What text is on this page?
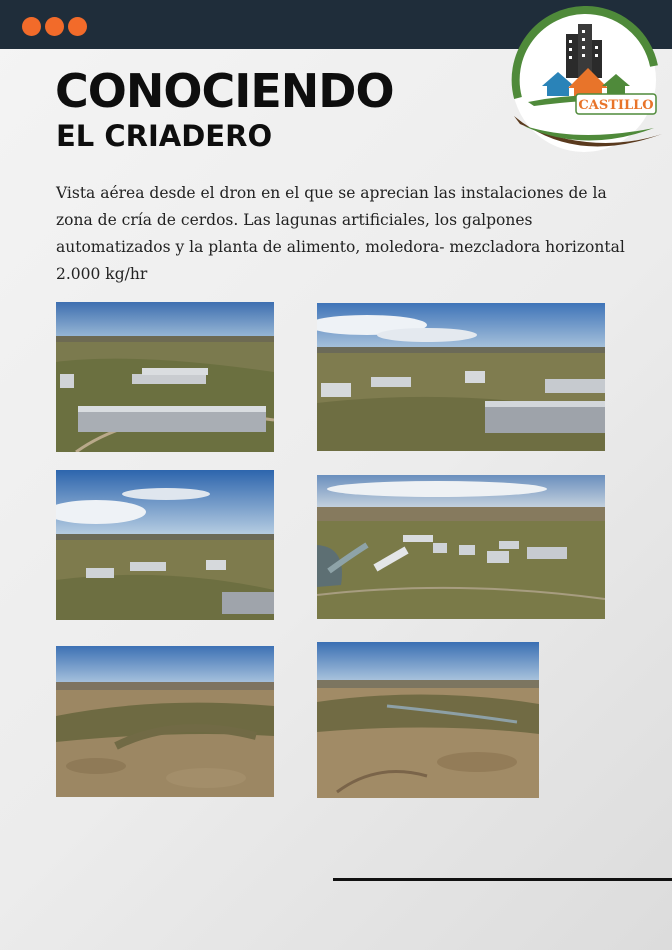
CASTILLO
CONOCIENDO
EL CRIADERO

Vista aérea desde el dron en el que se aprecian las instalaciones de la zona de cría de cerdos. Las lagunas artificiales, los galpones automatizados y la planta de alimento, moledora- mezcladora horizontal 2.000 kg/hr
